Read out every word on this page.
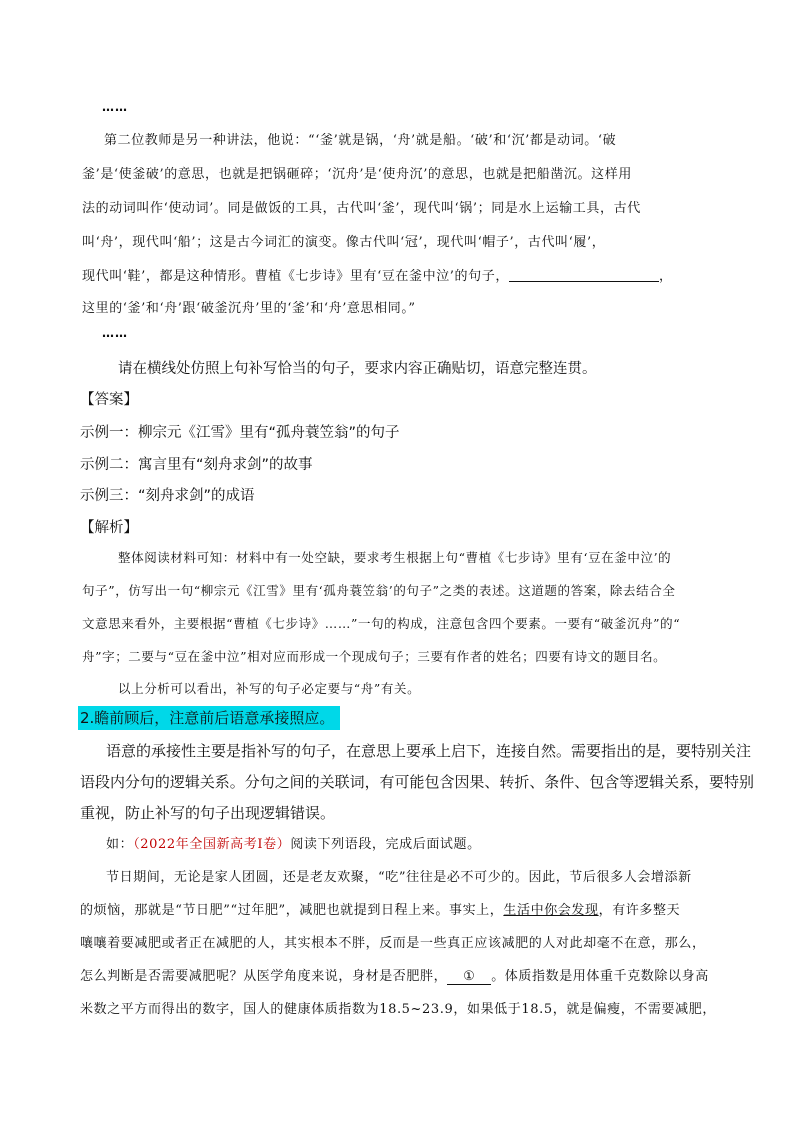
……
第二位教师是另一种讲法，他说：“‘釜’就是锅，‘舟’就是船。‘破’和‘沉’都是动词。‘破
釜’是‘使釜破’的意思，也就是把锅砸碎；‘沉舟’是‘使舟沉’的意思，也就是把船凿沉。这样用
法的动词叫作‘使动词’。同是做饭的工具，古代叫‘釜’，现代叫‘锅’；同是水上运输工具，古代
叫‘舟’，现代叫‘船’；这是古今词汇的演变。像古代叫‘冠’，现代叫‘帽子’，古代叫‘履’，
现代叫‘鞋’，都是这种情形。曹植《七步诗》里有‘豆在釜中泣’的句子，	，
这里的‘釜’和‘舟’跟‘破釜沉舟’里的‘釜’和‘舟’意思相同。”
……
请在横线处仿照上句补写恰当的句子，要求内容正确贴切，语意完整连贯。
【答案】
示例一：柳宗元《江雪》里有“孤舟蓑笠翁”的句子
示例二：寓言里有“刻舟求剑”的故事
示例三：“刻舟求剑”的成语
【解析】
整体阅读材料可知：材料中有一处空缺，要求考生根据上句“曹植《七步诗》里有‘豆在釜中泣’的
句子”，仿写出一句“柳宗元《江雪》里有‘孤舟蓑笠翁’的句子”之类的表述。这道题的答案，除去结合全
文意思来看外，主要根据“曹植《七步诗》……”一句的构成，注意包含四个要素。一要有“破釜沉舟”的“
舟”字；二要与“豆在釜中泣”相对应而形成一个现成句子；三要有作者的姓名；四要有诗文的题目名。
以上分析可以看出，补写的句子必定要与“舟”有关。
2.瞻前顾后，注意前后语意承接照应。
语意的承接性主要是指补写的句子，在意思上要承上启下，连接自然。需要指出的是，要特别关注
语段内分句的逻辑关系。分句之间的关联词，有可能包含因果、转折、条件、包含等逻辑关系，要特别
重视，防止补写的句子出现逻辑错误。
如：（2022年全国新高考Ⅰ卷）阅读下列语段，完成后面试题。
节日期间，无论是家人团圆，还是老友欢聚，“吃”往往是必不可少的。因此，节后很多人会增添新
的烦恼，那就是“节日肥”“过年肥”，减肥也就提到日程上来。事实上，生活中你会发现，有许多整天
嚷嚷着要减肥或者正在减肥的人，其实根本不胖，反而是一些真正应该减肥的人对此却毫不在意，那么，
怎么判断是否需要减肥呢？从医学角度来说，身材是否肥胖， ① 。体质指数是用体重千克数除以身高
米数之平方而得出的数字，国人的健康体质指数为18.5~23.9，如果低于18.5，就是偏瘦，不需要减肥，
